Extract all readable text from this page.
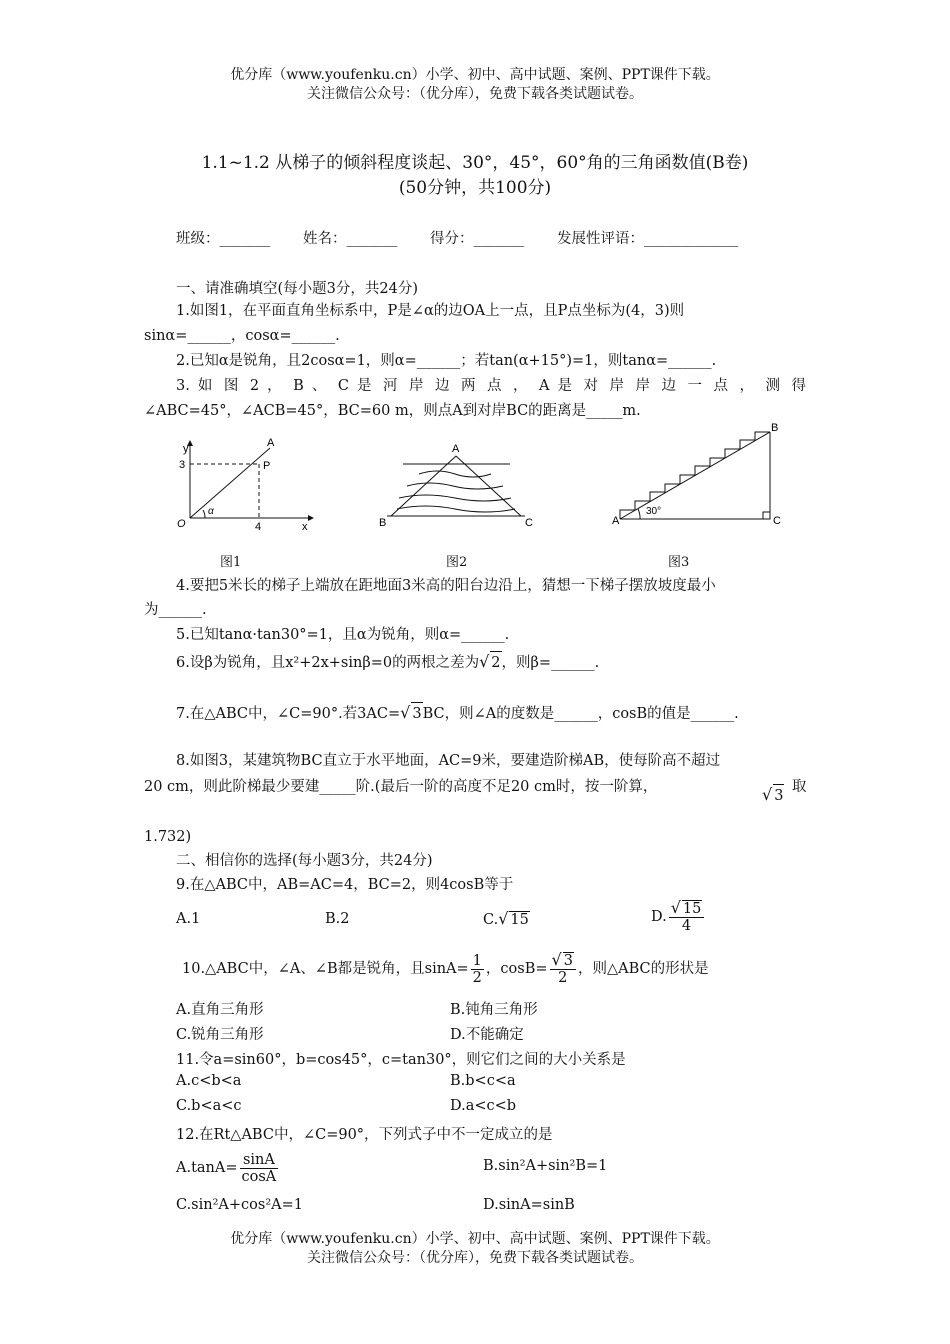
优分库（www.youfenku.cn）小学、初中、高中试题、案例、PPT课件下载。
关注微信公众号：（优分库），免费下载各类试题试卷。
1.1~1.2 从梯子的倾斜程度谈起、30°，45°，60°角的三角函数值(B卷)
(50分钟，共100分)
班级：_______ 姓名：_______ 得分：_______ 发展性评语：_____________
一、请准确填空(每小题3分，共24分)
1.如图1，在平面直角坐标系中，P是∠α的边OA上一点，且P点坐标为(4，3)则
sinα=______，cosα=______.
2.已知α是锐角，且2cosα=1，则α=______；若tan(α+15°)=1，则tanα=______.
3. 如 图 2 ， B 、 C 是 河 岸 边 两 点 ， A 是 对 岸 岸 边 一 点 ， 测 得
∠ABC=45°，∠ACB=45°，BC=60 m，则点A到对岸BC的距离是_____m.
y
x
O
A
P
3
4
α
A
B	C	A
B
C
30°
图1	图2	图3
4.要把5米长的梯子上端放在距地面3米高的阳台边沿上，猜想一下梯子摆放坡度最小
为______.
5.已知tanα·tan30°=1，且α为锐角，则α=______.
6.设β为锐角，且x²+2x+sinβ=0的两根之差为√ 2，则β=______.
7.在△ABC中，∠C=90°.若3AC=√ 3BC，则∠A的度数是______，cosB的值是______.
8.如图3，某建筑物BC直立于水平地面，AC=9米，要建造阶梯AB，使每阶高不超过
20 cm，则此阶梯最少要建_____阶.(最后一阶的高度不足20 cm时，按一阶算，	√ 3
取
1.732)
二、相信你的选择(每小题3分，共24分)
9.在△ABC中，AB=AC=4，BC=2，则4cosB等于
A.1	B.2	C.√ 15	D. $\frac{√ 15}{4}$
10.△ABC中，∠A、∠B都是锐角，且$\sin A= \frac{1}{2}$ ，$\cos B= \frac{√ 3}{2}$ ，则△ABC的形状是
A.直角三角形	B.钝角三角形
C.锐角三角形	D.不能确定
11.令a=sin60°，b=cos45°，c=tan30°，则它们之间的大小关系是
A.c<b<a	B.b<c<a
C.b<a<c	D.a<c<b
12.在Rt△ABC中，∠C=90°，下列式子中不一定成立的是
$A.\tan A= \frac{\sin A}{\cos A}$	B.sin²A+sin²B=1
C.sin²A+cos²A=1	D.sinA=sinB
优分库（www.youfenku.cn）小学、初中、高中试题、案例、PPT课件下载。
关注微信公众号：（优分库），免费下载各类试题试卷。
